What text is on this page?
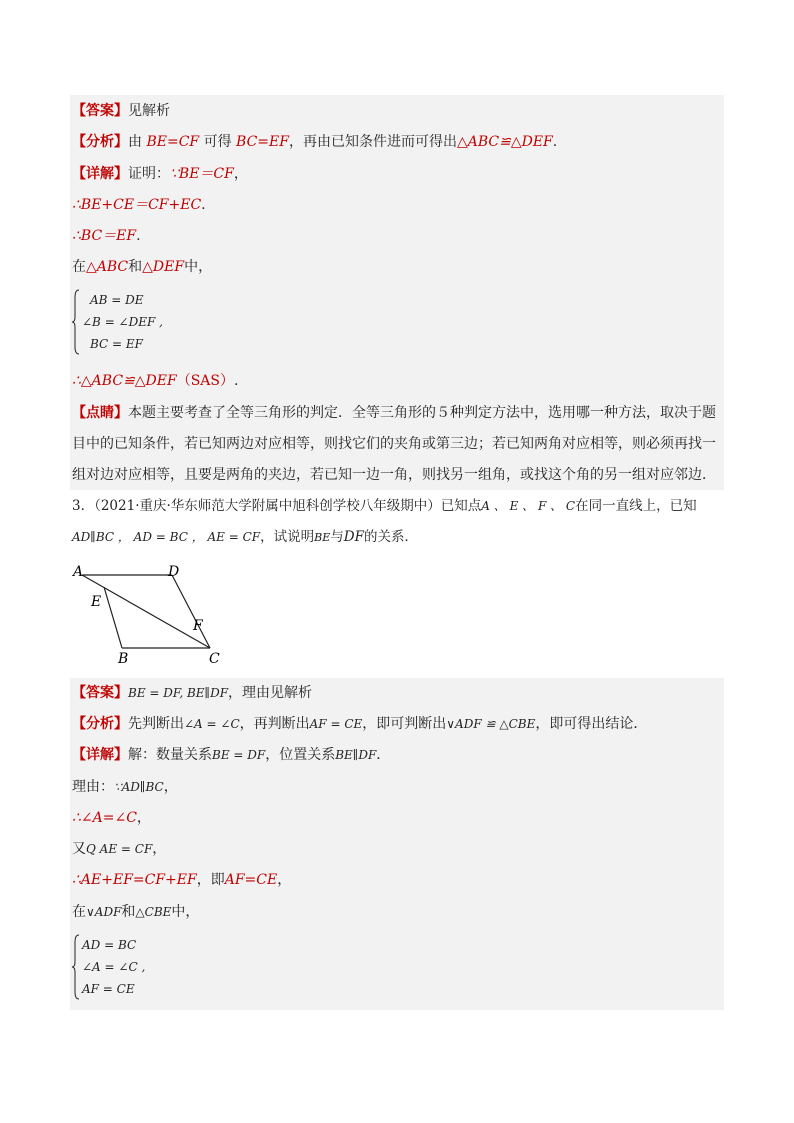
【答案】见解析
【分析】由 BE=CF 可得 BC=EF，再由已知条件进而可得出△ABC≌△DEF.
【详解】证明：∵BE＝CF，
∴BE+CE＝CF+EC.
∴BC＝EF.
在△ABC和△DEF中，
AB = DE
∠B = ∠DEF ,
BC = EF
∴△ABC≌△DEF（SAS）.
【点睛】本题主要考查了全等三角形的判定．全等三角形的５种判定方法中，选用哪一种方法，取决于题
目中的已知条件，若已知两边对应相等，则找它们的夹角或第三边；若已知两角对应相等，则必须再找一
组对边对应相等，且要是两角的夹边，若已知一边一角，则找另一组角，或找这个角的另一组对应邻边．
3．（2021·重庆·华东师范大学附属中旭科创学校八年级期中）已知点A 、 E 、 F 、 C在同一直线上，已知
AD∥BC ， AD = BC ， AE = CF，试说明BE与DF的关系．
A	D
E
F
B	C
【答案】BE = DF, BE∥DF，理由见解析
【分析】先判断出∠A = ∠C，再判断出AF = CE，即可判断出∨ADF ≌ △CBE，即可得出结论．
【详解】解：数量关系BE = DF，位置关系BE∥DF．
理由：∵AD∥BC，
∴∠A=∠C，
又Q AE = CF，
∴AE+EF=CF+EF，即AF=CE，
在∨ADF和△CBE中，
AD = BC
∠A = ∠C ,
AF = CE
